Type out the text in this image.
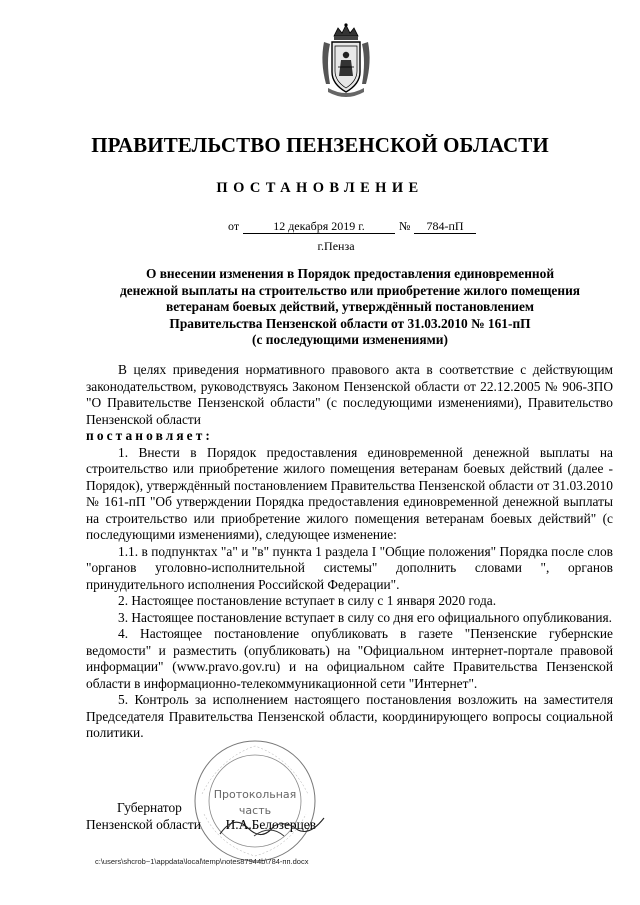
ПРАВИТЕЛЬСТВО ПЕНЗЕНСКОЙ ОБЛАСТИ
ПОСТАНОВЛЕНИЕ
от	12 декабря 2019 г.	№	784-пП
г.Пенза
О внесении изменения в Порядок предоставления единовременной
денежной выплаты на строительство или приобретение жилого помещения
ветеранам боевых действий, утверждённый постановлением
Правительства Пензенской области от 31.03.2010 № 161-пП
(с последующими изменениями)

В целях приведения нормативного правового акта в соответствие с действующим законодательством, руководствуясь Законом Пензенской области от 22.12.2005 № 906-ЗПО "О Правительстве Пензенской области" (с последующими изменениями), Правительство Пензенской области

постановляет:

1. Внести в Порядок предоставления единовременной денежной выплаты на строительство или приобретение жилого помещения ветеранам боевых действий (далее - Порядок), утверждённый постановлением Правительства Пензенской области от 31.03.2010 № 161-пП "Об утверждении Порядка предоставления единовременной денежной выплаты на строительство или приобретение жилого помещения ветеранам боевых действий" (с последующими изменениями), следующее изменение:

1.1. в подпунктах "а" и "в" пункта 1 раздела I "Общие положения" Порядка после слов "органов уголовно-исполнительной системы" дополнить словами ", органов принудительного исполнения Российской Федерации".

2. Настоящее постановление вступает в силу с 1 января 2020 года.

3. Настоящее постановление вступает в силу со дня его официального опубликования.

4. Настоящее постановление опубликовать в газете "Пензенские губернские ведомости" и разместить (опубликовать) на "Официальном интернет-портале правовой информации" (www.pravo.gov.ru) и на официальном сайте Правительства Пензенской области в информационно-телекоммуникационной сети "Интернет".

5. Контроль за исполнением настоящего постановления возложить на заместителя Председателя Правительства Пензенской области, координирующего вопросы социальной политики.

Протокольная
часть
Губернатор
Пензенской области И.А.Белозерцев
c:\users\shcrob~1\appdata\local\temp\notes87944b\784-пп.docx
